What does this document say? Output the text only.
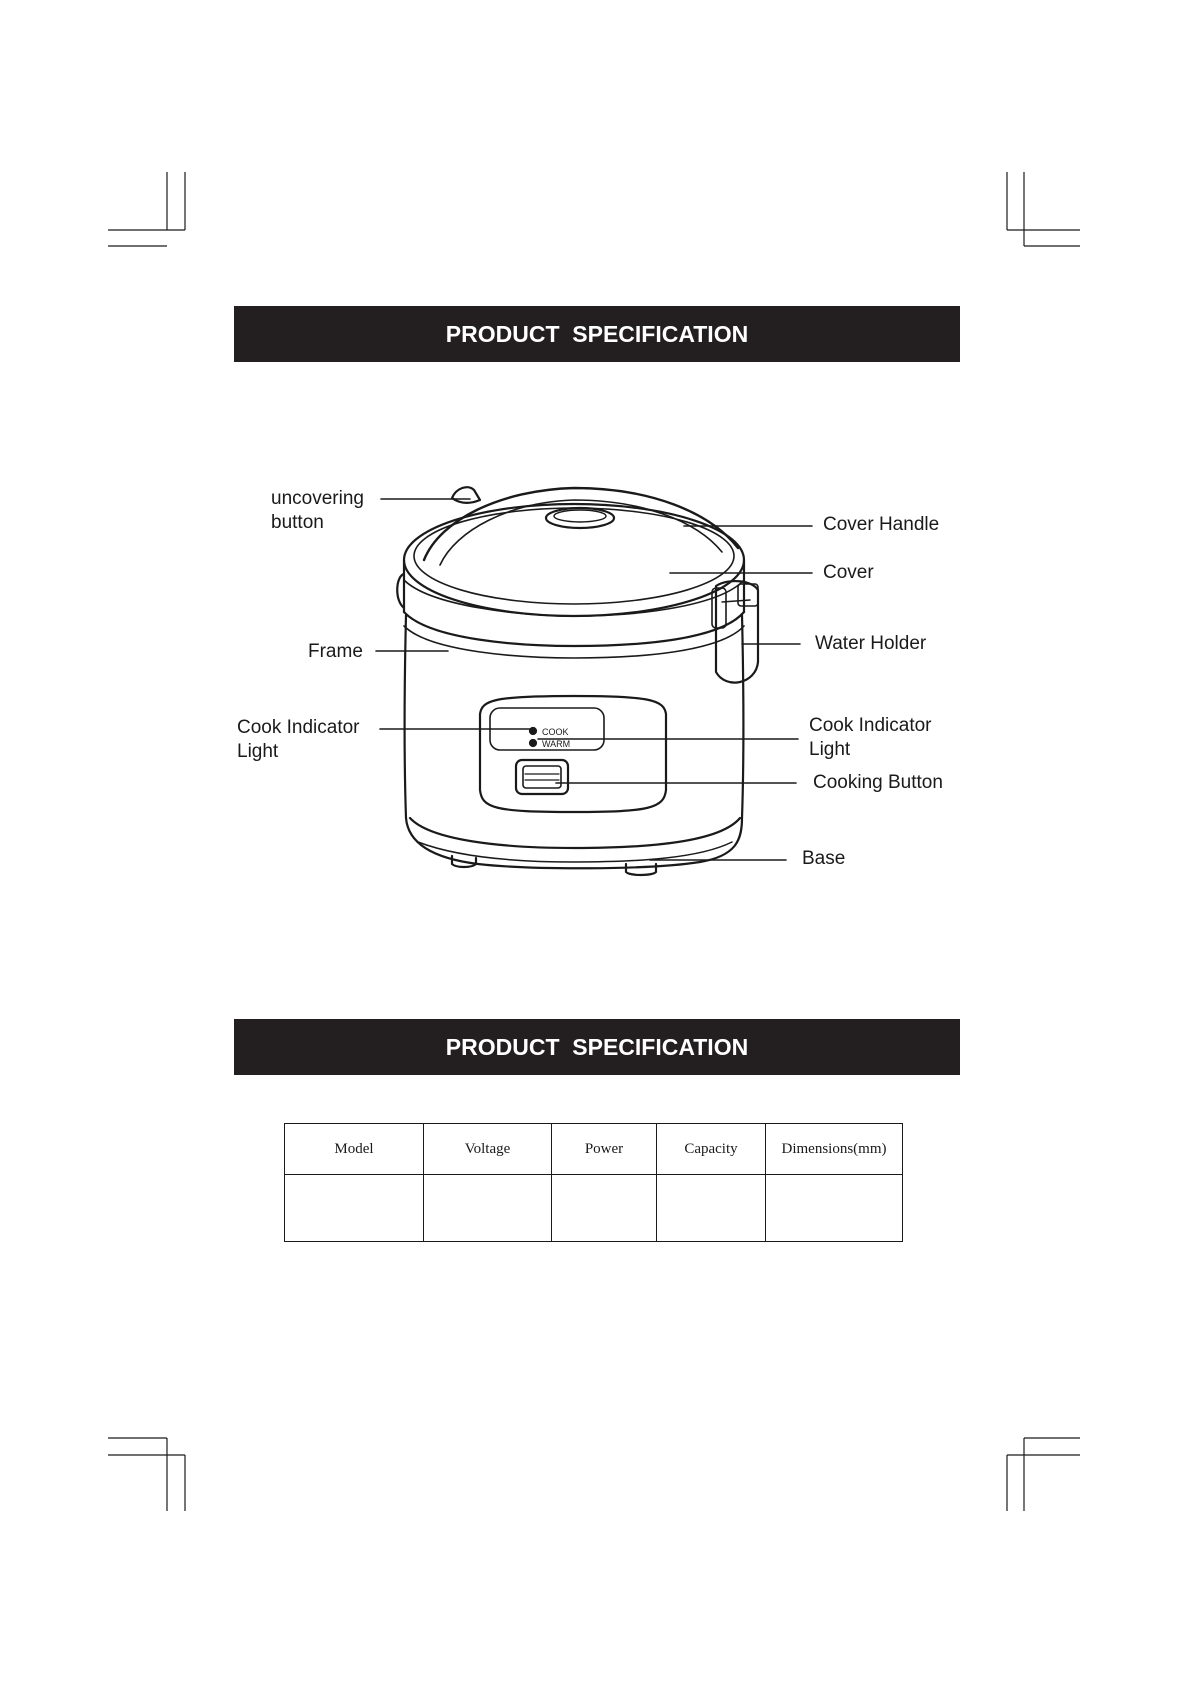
PRODUCT  SPECIFICATION
PRODUCT  SPECIFICATION
COOK
WARM
uncovering
button	Cover Handle
Cover
Frame	Water Holder
Cook Indicator
Light
Cook Indicator
Light
Cooking Button
Base
Model	Voltage	Power	Capacity	Dimensions(mm)
